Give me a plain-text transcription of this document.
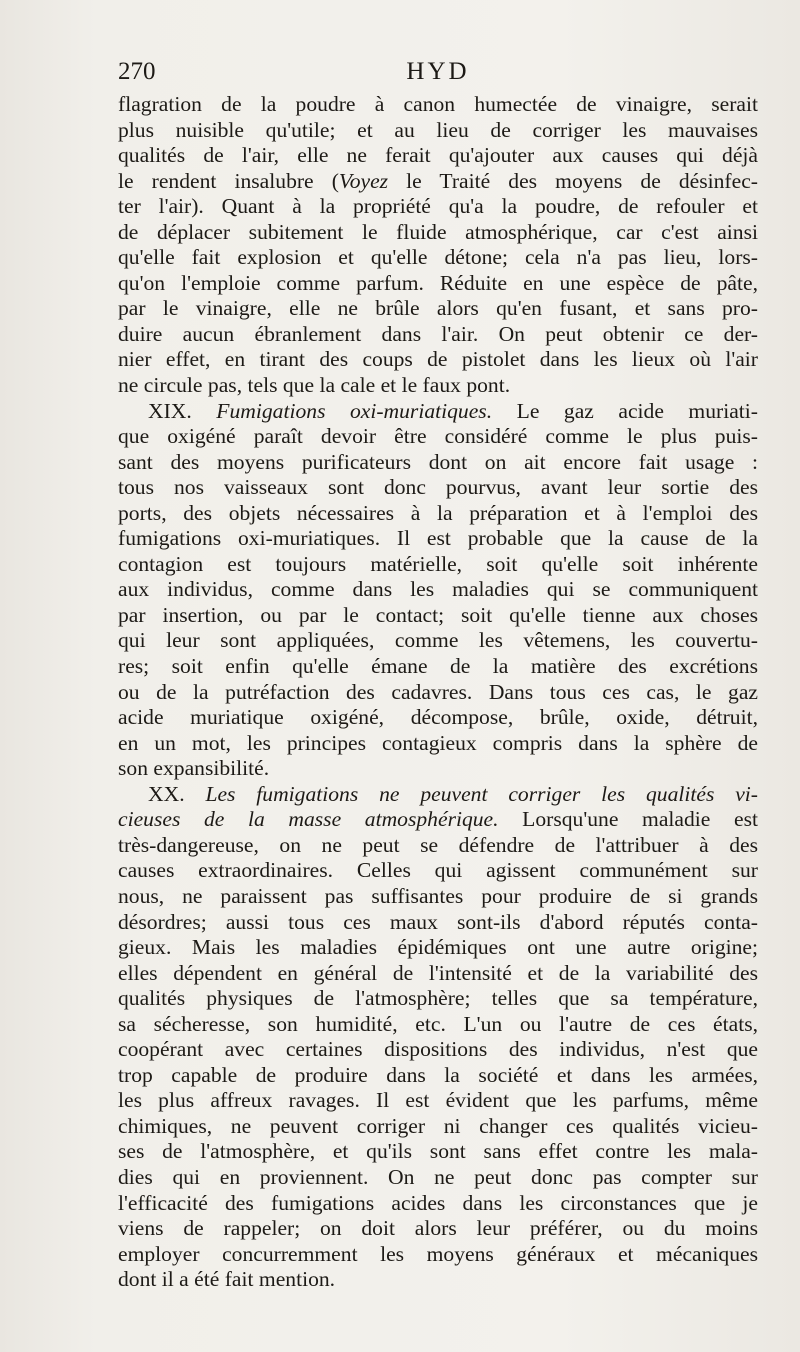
270	HYD
flagration de la poudre à canon humectée de vinaigre, serait
plus nuisible qu'utile; et au lieu de corriger les mauvaises
qualités de l'air, elle ne ferait qu'ajouter aux causes qui déjà
le rendent insalubre (Voyez le Traité des moyens de désinfec-
ter l'air). Quant à la propriété qu'a la poudre, de refouler et
de déplacer subitement le fluide atmosphérique, car c'est ainsi
qu'elle fait explosion et qu'elle détone; cela n'a pas lieu, lors-
qu'on l'emploie comme parfum. Réduite en une espèce de pâte,
par le vinaigre, elle ne brûle alors qu'en fusant, et sans pro-
duire aucun ébranlement dans l'air. On peut obtenir ce der-
nier effet, en tirant des coups de pistolet dans les lieux où l'air
ne circule pas, tels que la cale et le faux pont.
XIX. Fumigations oxi-muriatiques. Le gaz acide muriati-
que oxigéné paraît devoir être considéré comme le plus puis-
sant des moyens purificateurs dont on ait encore fait usage :
tous nos vaisseaux sont donc pourvus, avant leur sortie des
ports, des objets nécessaires à la préparation et à l'emploi des
fumigations oxi-muriatiques. Il est probable que la cause de la
contagion est toujours matérielle, soit qu'elle soit inhérente
aux individus, comme dans les maladies qui se communiquent
par insertion, ou par le contact; soit qu'elle tienne aux choses
qui leur sont appliquées, comme les vêtemens, les couvertu-
res; soit enfin qu'elle émane de la matière des excrétions
ou de la putréfaction des cadavres. Dans tous ces cas, le gaz
acide muriatique oxigéné, décompose, brûle, oxide, détruit,
en un mot, les principes contagieux compris dans la sphère de
son expansibilité.
XX. Les fumigations ne peuvent corriger les qualités vi-
cieuses de la masse atmosphérique. Lorsqu'une maladie est
très-dangereuse, on ne peut se défendre de l'attribuer à des
causes extraordinaires. Celles qui agissent communément sur
nous, ne paraissent pas suffisantes pour produire de si grands
désordres; aussi tous ces maux sont-ils d'abord réputés conta-
gieux. Mais les maladies épidémiques ont une autre origine;
elles dépendent en général de l'intensité et de la variabilité des
qualités physiques de l'atmosphère; telles que sa température,
sa sécheresse, son humidité, etc. L'un ou l'autre de ces états,
coopérant avec certaines dispositions des individus, n'est que
trop capable de produire dans la société et dans les armées,
les plus affreux ravages. Il est évident que les parfums, même
chimiques, ne peuvent corriger ni changer ces qualités vicieu-
ses de l'atmosphère, et qu'ils sont sans effet contre les mala-
dies qui en proviennent. On ne peut donc pas compter sur
l'efficacité des fumigations acides dans les circonstances que je
viens de rappeler; on doit alors leur préférer, ou du moins
employer concurremment les moyens généraux et mécaniques
dont il a été fait mention.
